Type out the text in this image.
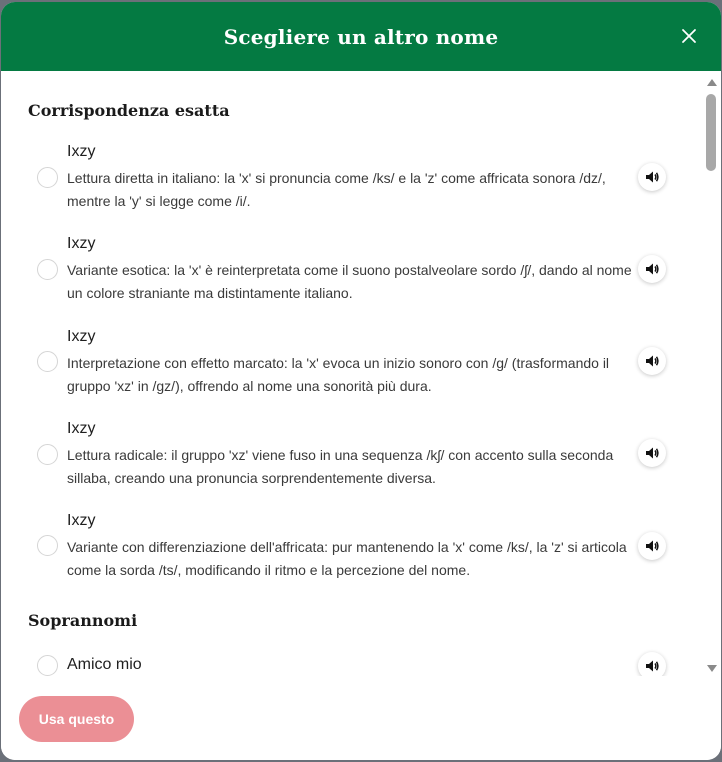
Scegliere un altro nome
Corrispondenza esatta
Ixzy
Lettura diretta in italiano: la 'x' si pronuncia come /ks/ e la 'z' come affricata sonora /dz/, mentre la 'y' si legge come /i/.
Ixzy
Variante esotica: la 'x' è reinterpretata come il suono postalveolare sordo /ʃ/, dando al nome un colore straniante ma distintamente italiano.
Ixzy
Interpretazione con effetto marcato: la 'x' evoca un inizio sonoro con /g/ (trasformando il gruppo 'xz' in /gz/), offrendo al nome una sonorità più dura.
Ixzy
Lettura radicale: il gruppo 'xz' viene fuso in una sequenza /kʃ/ con accento sulla seconda sillaba, creando una pronuncia sorprendentemente diversa.
Ixzy
Variante con differenziazione dell'affricata: pur mantenendo la 'x' come /ks/, la 'z' si articola come la sorda /ts/, modificando il ritmo e la percezione del nome.
Soprannomi
Amico mio
Usa questo
